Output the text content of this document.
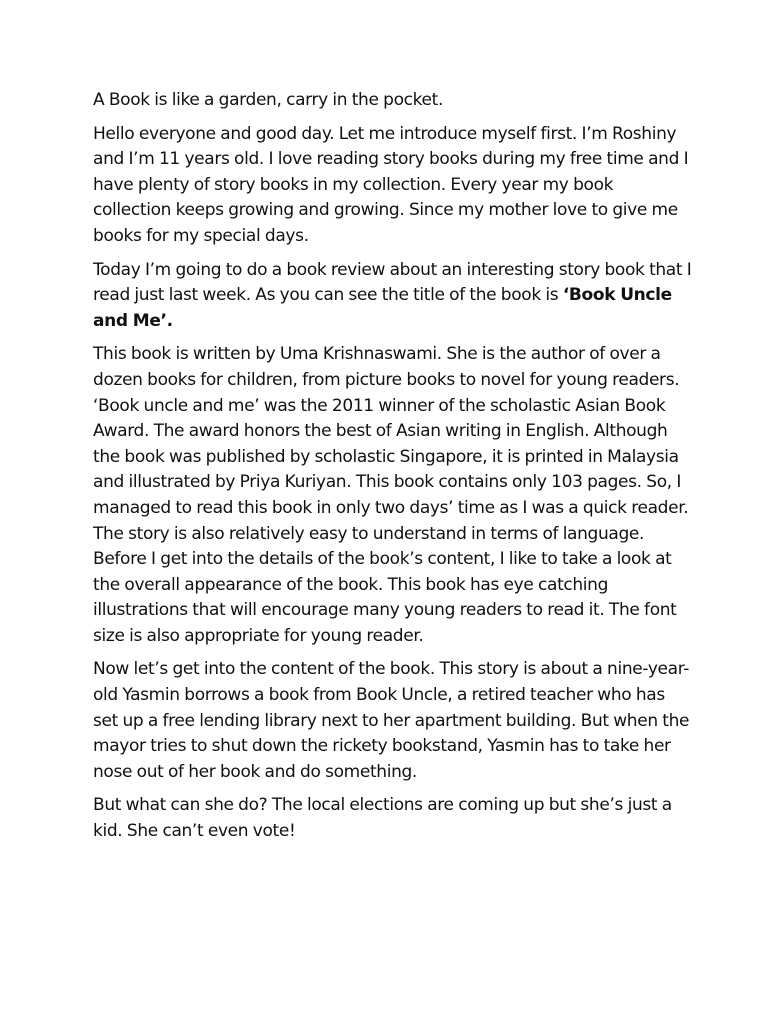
A Book is like a garden, carry in the pocket.

Hello everyone and good day. Let me introduce myself first. I’m Roshiny and I’m 11 years old. I love reading story books during my free time and I have plenty of story books in my collection. Every year my book collection keeps growing and growing. Since my mother love to give me books for my special days.

Today I’m going to do a book review about an interesting story book that I read just last week. As you can see the title of the book is ‘Book Uncle and Me’.

This book is written by Uma Krishnaswami. She is the author of over a dozen books for children, from picture books to novel for young readers. ‘Book uncle and me’ was the 2011 winner of the scholastic Asian Book Award. The award honors the best of Asian writing in English. Although the book was published by scholastic Singapore, it is printed in Malaysia and illustrated by Priya Kuriyan. This book contains only 103 pages. So, I managed to read this book in only two days’ time as I was a quick reader. The story is also relatively easy to understand in terms of language. Before I get into the details of the book’s content, I like to take a look at the overall appearance of the book. This book has eye catching illustrations that will encourage many young readers to read it. The font size is also appropriate for young reader.

Now let’s get into the content of the book. This story is about a nine-year-old Yasmin borrows a book from Book Uncle, a retired teacher who has set up a free lending library next to her apartment building. But when the mayor tries to shut down the rickety bookstand, Yasmin has to take her nose out of her book and do something.

But what can she do? The local elections are coming up but she’s just a kid. She can’t even vote!
